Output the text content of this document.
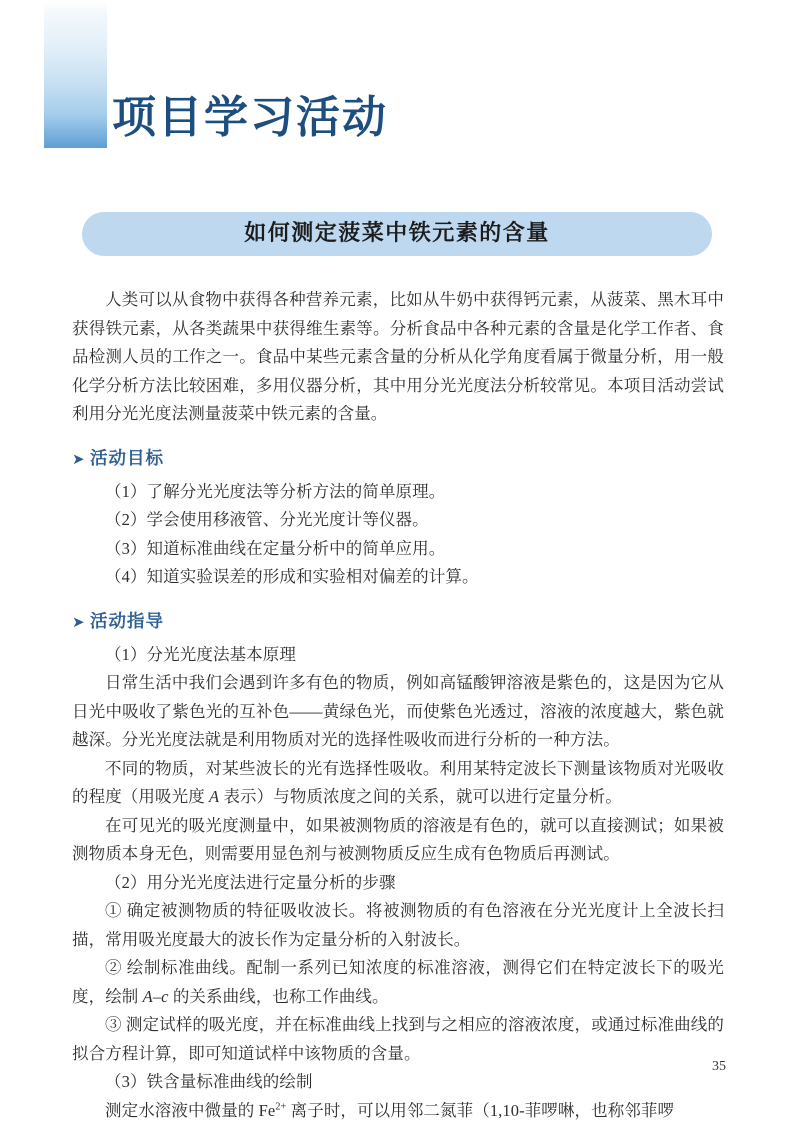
项目学习活动
如何测定菠菜中铁元素的含量

人类可以从食物中获得各种营养元素，比如从牛奶中获得钙元素，从菠菜、黑木耳中获得铁元素，从各类蔬果中获得维生素等。分析食品中各种元素的含量是化学工作者、食品检测人员的工作之一。食品中某些元素含量的分析从化学角度看属于微量分析，用一般化学分析方法比较困难，多用仪器分析，其中用分光光度法分析较常见。本项目活动尝试利用分光光度法测量菠菜中铁元素的含量。

➤ 活动目标
（1）了解分光光度法等分析方法的简单原理。
（2）学会使用移液管、分光光度计等仪器。
（3）知道标准曲线在定量分析中的简单应用。
（4）知道实验误差的形成和实验相对偏差的计算。
➤ 活动指导
（1）分光光度法基本原理

日常生活中我们会遇到许多有色的物质，例如高锰酸钾溶液是紫色的，这是因为它从日光中吸收了紫色光的互补色——黄绿色光，而使紫色光透过，溶液的浓度越大，紫色就越深。分光光度法就是利用物质对光的选择性吸收而进行分析的一种方法。

不同的物质，对某些波长的光有选择性吸收。利用某特定波长下测量该物质对光吸收的程度（用吸光度 A 表示）与物质浓度之间的关系，就可以进行定量分析。

在可见光的吸光度测量中，如果被测物质的溶液是有色的，就可以直接测试；如果被测物质本身无色，则需要用显色剂与被测物质反应生成有色物质后再测试。

（2）用分光光度法进行定量分析的步骤

① 确定被测物质的特征吸收波长。将被测物质的有色溶液在分光光度计上全波长扫描，常用吸光度最大的波长作为定量分析的入射波长。

② 绘制标准曲线。配制一系列已知浓度的标准溶液，测得它们在特定波长下的吸光度，绘制 A–c 的关系曲线，也称工作曲线。

③ 测定试样的吸光度，并在标准曲线上找到与之相应的溶液浓度，或通过标准曲线的拟合方程计算，即可知道试样中该物质的含量。

（3）铁含量标准曲线的绘制

测定水溶液中微量的 $Fe^{2+}$ 离子时，可以用邻二氮菲（1,10-菲啰啉，也称邻菲啰

35
